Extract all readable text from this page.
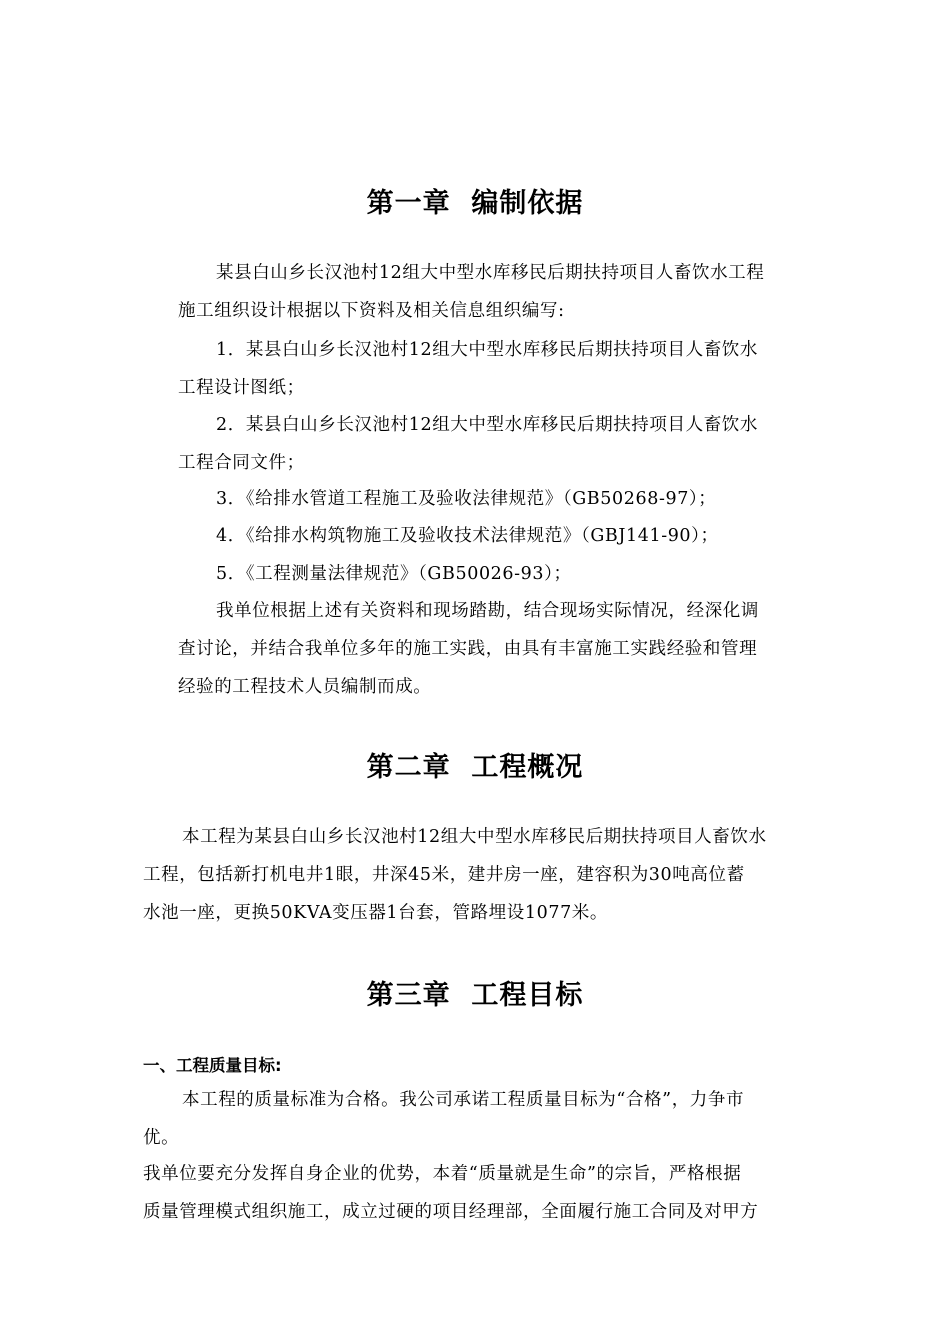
第一章  编制依据
某县白山乡长汉池村12组大中型水库移民后期扶持项目人畜饮水工程
施工组织设计根据以下资料及相关信息组织编写:
1．某县白山乡长汉池村12组大中型水库移民后期扶持项目人畜饮水
工程设计图纸；
2．某县白山乡长汉池村12组大中型水库移民后期扶持项目人畜饮水
工程合同文件；
3．《给排水管道工程施工及验收法律规范》（GB50268-97）；
4．《给排水构筑物施工及验收技术法律规范》（GBJ141-90）；
5．《工程测量法律规范》（GB50026-93）；
我单位根据上述有关资料和现场踏勘，结合现场实际情况，经深化调
查讨论，并结合我单位多年的施工实践，由具有丰富施工实践经验和管理
经验的工程技术人员编制而成。
第二章  工程概况
本工程为某县白山乡长汉池村12组大中型水库移民后期扶持项目人畜饮水
工程，包括新打机电井1眼，井深45米，建井房一座，建容积为30吨高位蓄
水池一座，更换50KVA变压器1台套，管路埋设1077米。
第三章  工程目标
一、工程质量目标:
本工程的质量标准为合格。我公司承诺工程质量目标为“合格”，力争市
优。
我单位要充分发挥自身企业的优势，本着“质量就是生命”的宗旨，严格根据
质量管理模式组织施工，成立过硬的项目经理部，全面履行施工合同及对甲方
